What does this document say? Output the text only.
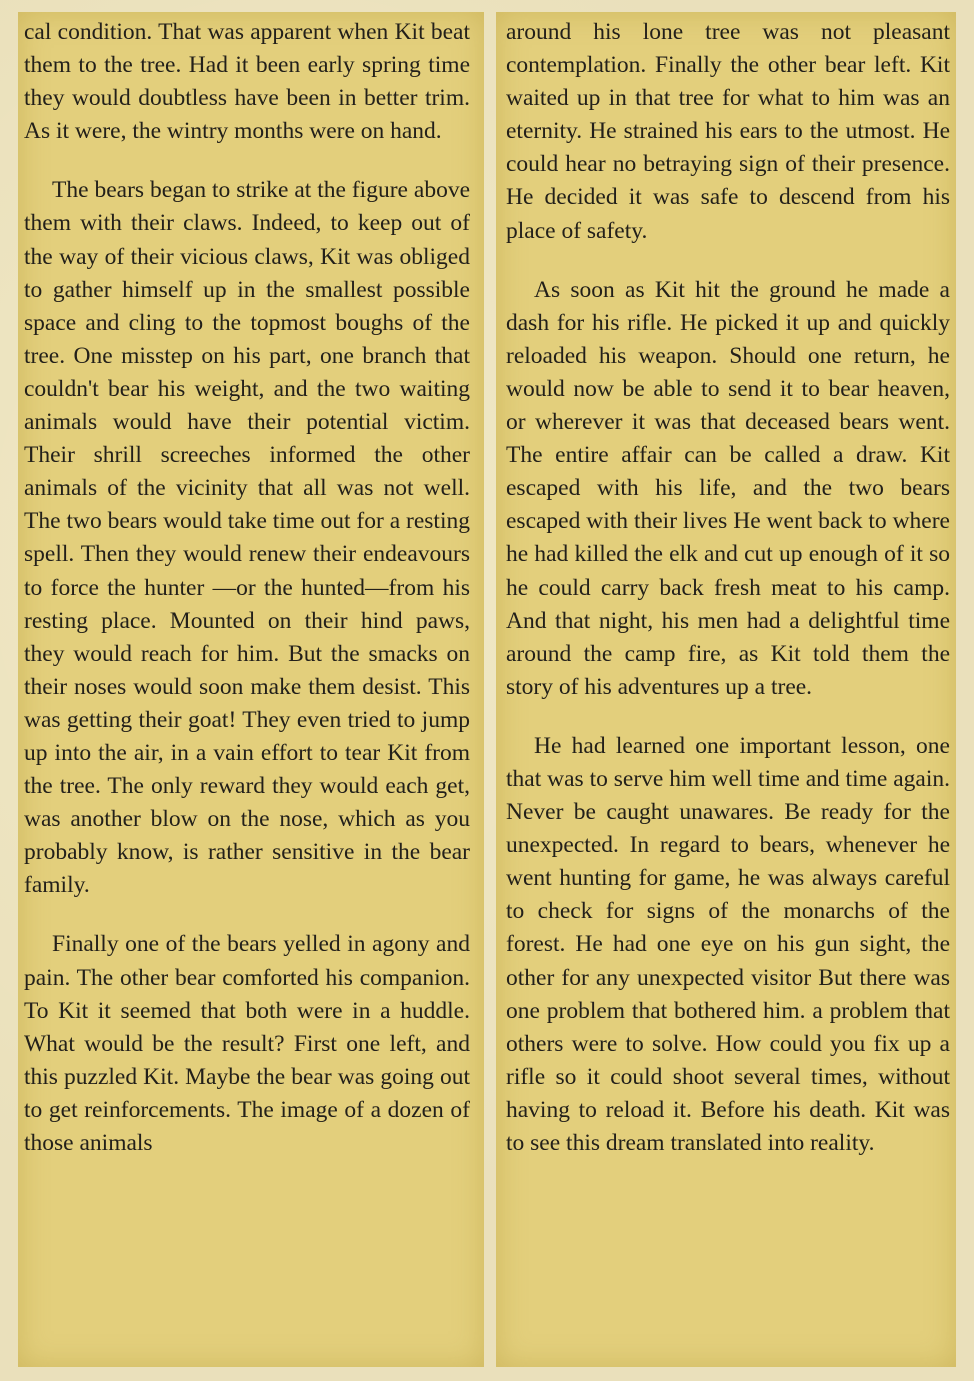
cal condition. That was apparent when Kit beat them to the tree. Had it been early spring time they would doubtless have been in better trim. As it were, the wintry months were on hand.

The bears began to strike at the figure above them with their claws. Indeed, to keep out of the way of their vicious claws, Kit was obliged to gather himself up in the smallest possible space and cling to the topmost boughs of the tree. One misstep on his part, one branch that couldn't bear his weight, and the two waiting animals would have their potential victim. Their shrill screeches informed the other animals of the vicinity that all was not well. The two bears would take time out for a resting spell. Then they would renew their endeavours to force the hunter —or the hunted—from his resting place. Mounted on their hind paws, they would reach for him. But the smacks on their noses would soon make them desist. This was getting their goat! They even tried to jump up into the air, in a vain effort to tear Kit from the tree. The only reward they would each get, was another blow on the nose, which as you probably know, is rather sensitive in the bear family.

Finally one of the bears yelled in agony and pain. The other bear comforted his companion. To Kit it seemed that both were in a huddle. What would be the result? First one left, and this puzzled Kit. Maybe the bear was going out to get reinforcements. The image of a dozen of those animals

around his lone tree was not pleasant contemplation. Finally the other bear left. Kit waited up in that tree for what to him was an eternity. He strained his ears to the utmost. He could hear no betraying sign of their presence. He decided it was safe to descend from his place of safety.

As soon as Kit hit the ground he made a dash for his rifle. He picked it up and quickly reloaded his weapon. Should one return, he would now be able to send it to bear heaven, or wherever it was that deceased bears went. The entire affair can be called a draw. Kit escaped with his life, and the two bears escaped with their lives He went back to where he had killed the elk and cut up enough of it so he could carry back fresh meat to his camp. And that night, his men had a delightful time around the camp fire, as Kit told them the story of his adventures up a tree.

He had learned one important lesson, one that was to serve him well time and time again. Never be caught unawares. Be ready for the unexpected. In regard to bears, whenever he went hunting for game, he was always careful to check for signs of the monarchs of the forest. He had one eye on his gun sight, the other for any unexpected visitor But there was one problem that bothered him. a problem that others were to solve. How could you fix up a rifle so it could shoot several times, without having to reload it. Before his death. Kit was to see this dream translated into reality.
